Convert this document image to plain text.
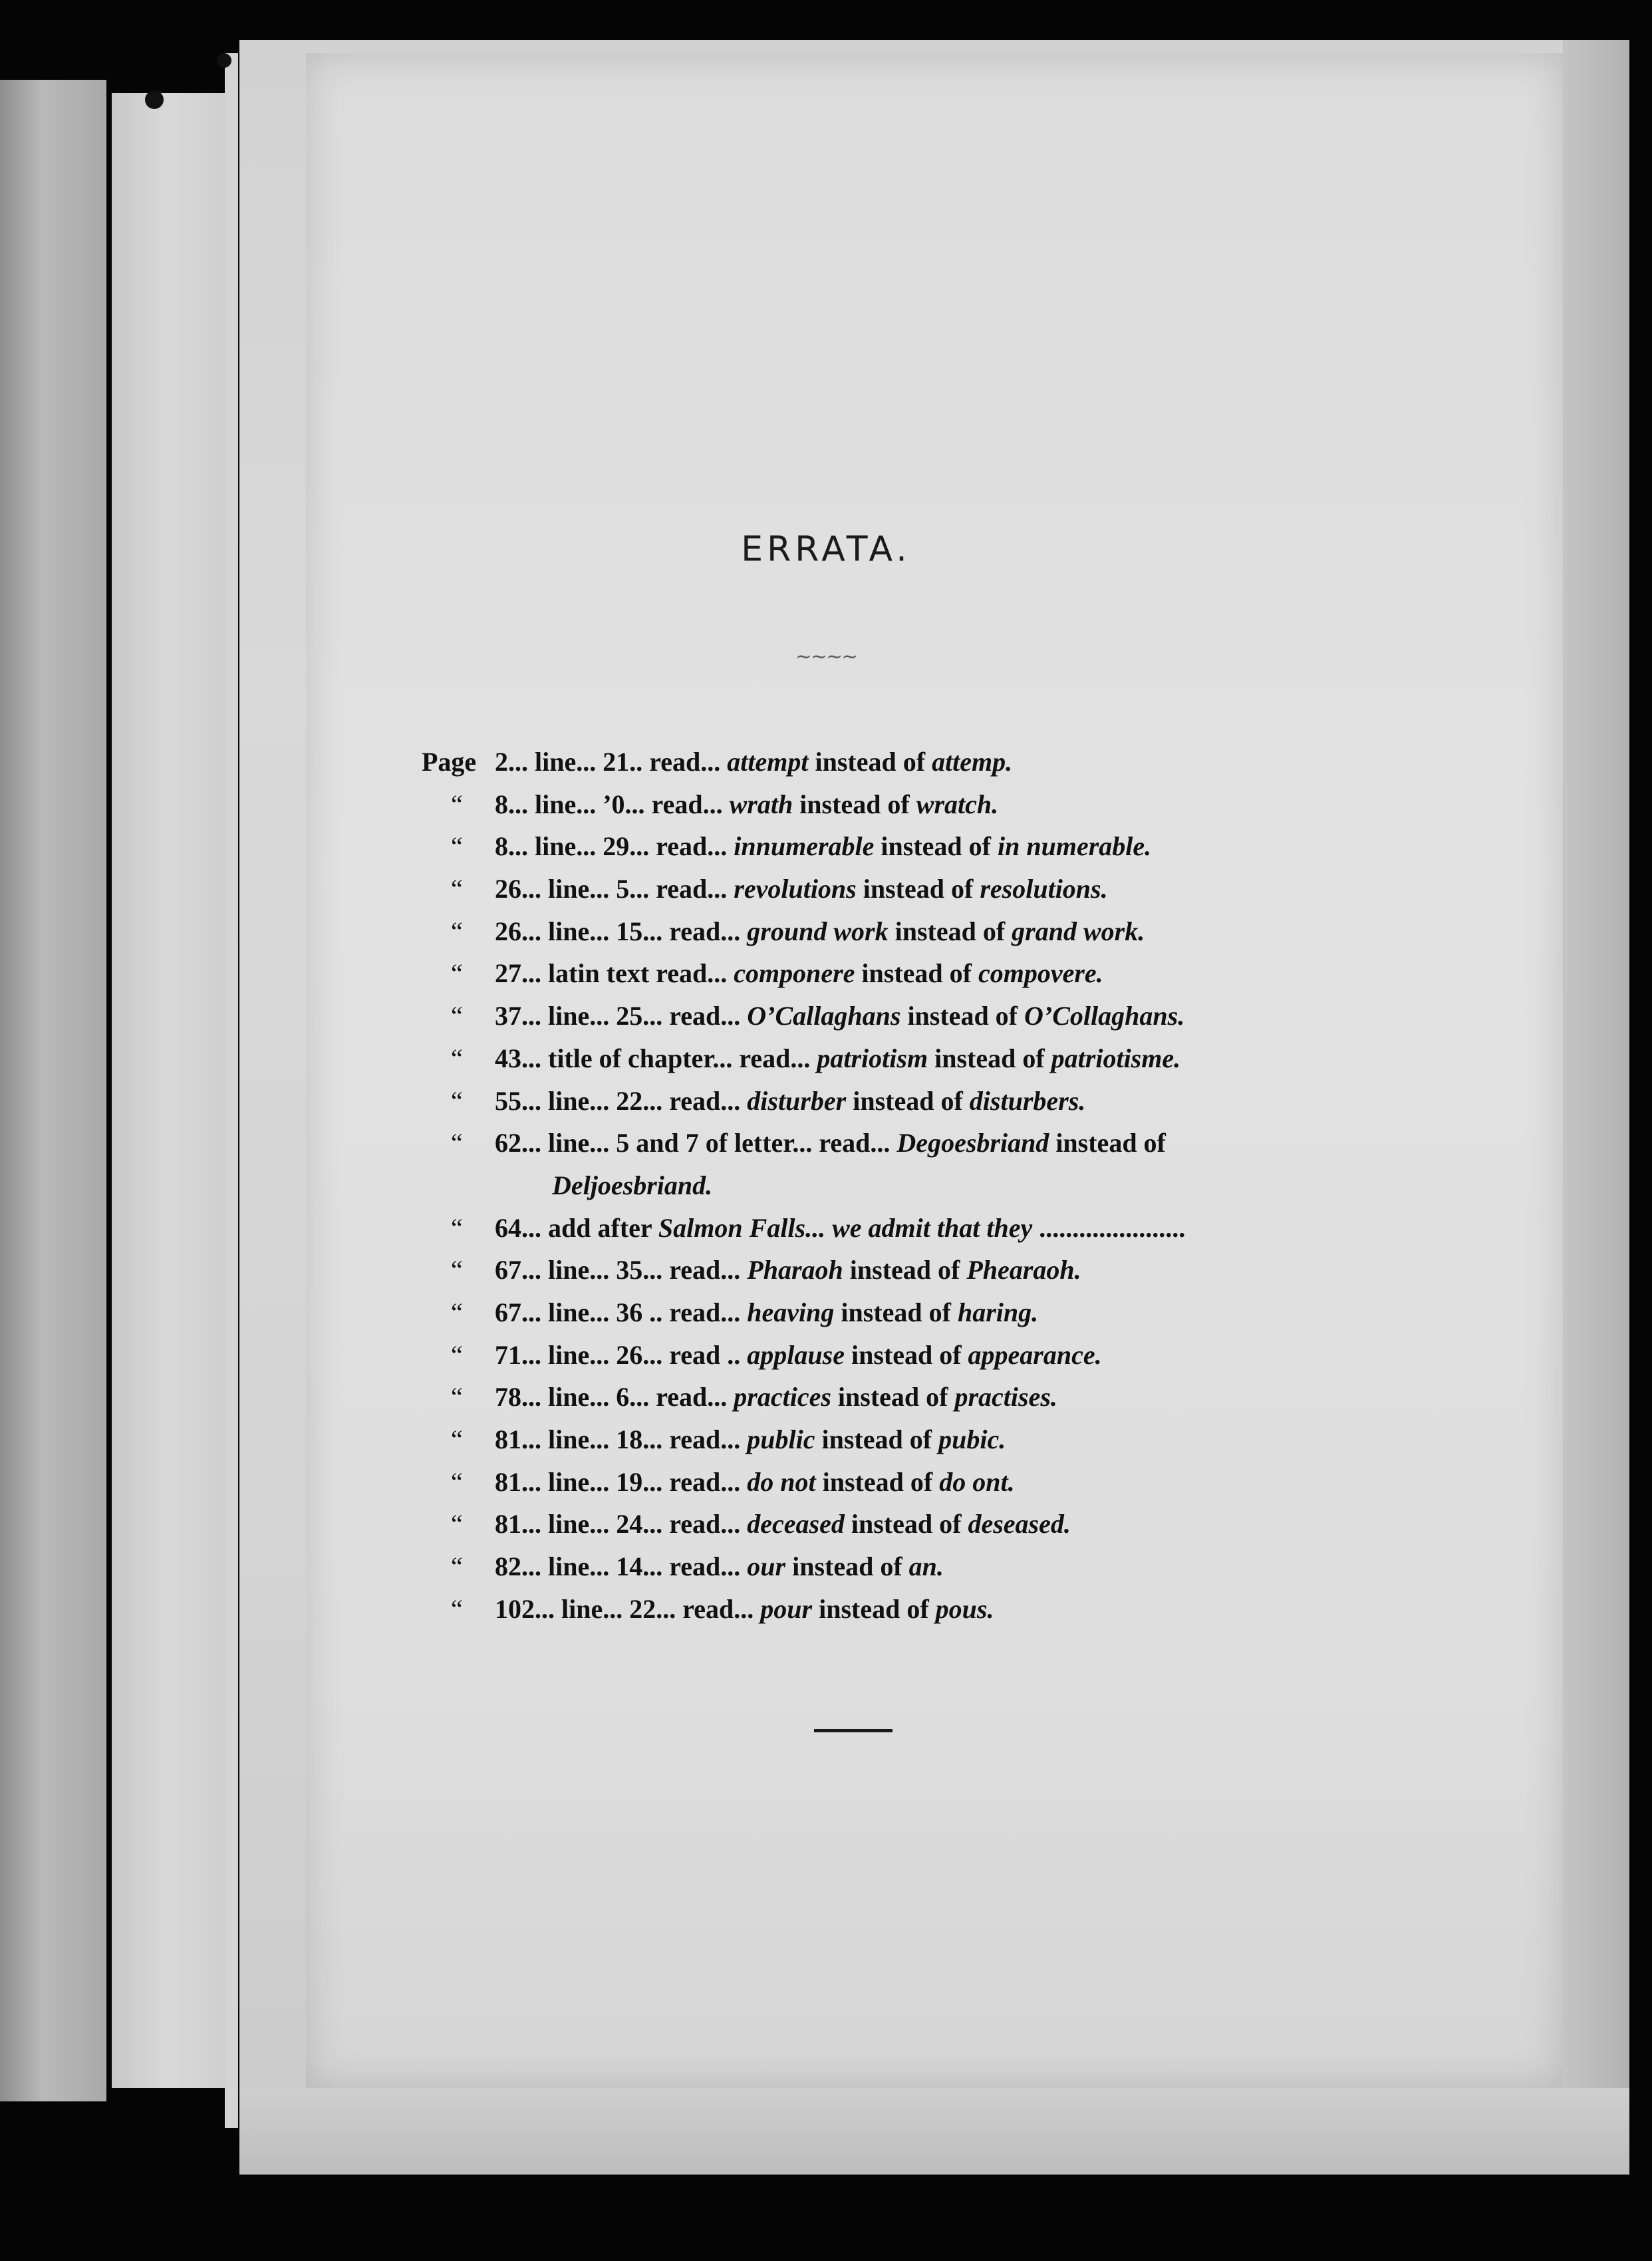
ERRATA.
~~~~
Page 2... line... 21.. read... attempt instead of attemp.
“ 8... line... ’0... read... wrath instead of wratch.
“ 8... line... 29... read... innumerable instead of in numerable.
“ 26... line... 5... read... revolutions instead of resolutions.
“ 26... line... 15... read... ground work instead of grand work.
“ 27... latin text read... componere instead of compovere.
“ 37... line... 25... read... O’Callaghans instead of O’Collaghans.
“ 43... title of chapter... read... patriotism instead of patriotisme.
“ 55... line... 22... read... disturber instead of disturbers.
“ 62... line... 5 and 7 of letter... read... Degoesbriand instead of
Deljoesbriand.
“ 64... add after Salmon Falls... we admit that they ......................
“ 67... line... 35... read... Pharaoh instead of Phearaoh.
“ 67... line... 36 .. read... heaving instead of haring.
“ 71... line... 26... read .. applause instead of appearance.
“ 78... line... 6... read... practices instead of practises.
“ 81... line... 18... read... public instead of pubic.
“ 81... line... 19... read... do not instead of do ont.
“ 81... line... 24... read... deceased instead of deseased.
“ 82... line... 14... read... our instead of an.
“ 102... line... 22... read... pour instead of pous.
